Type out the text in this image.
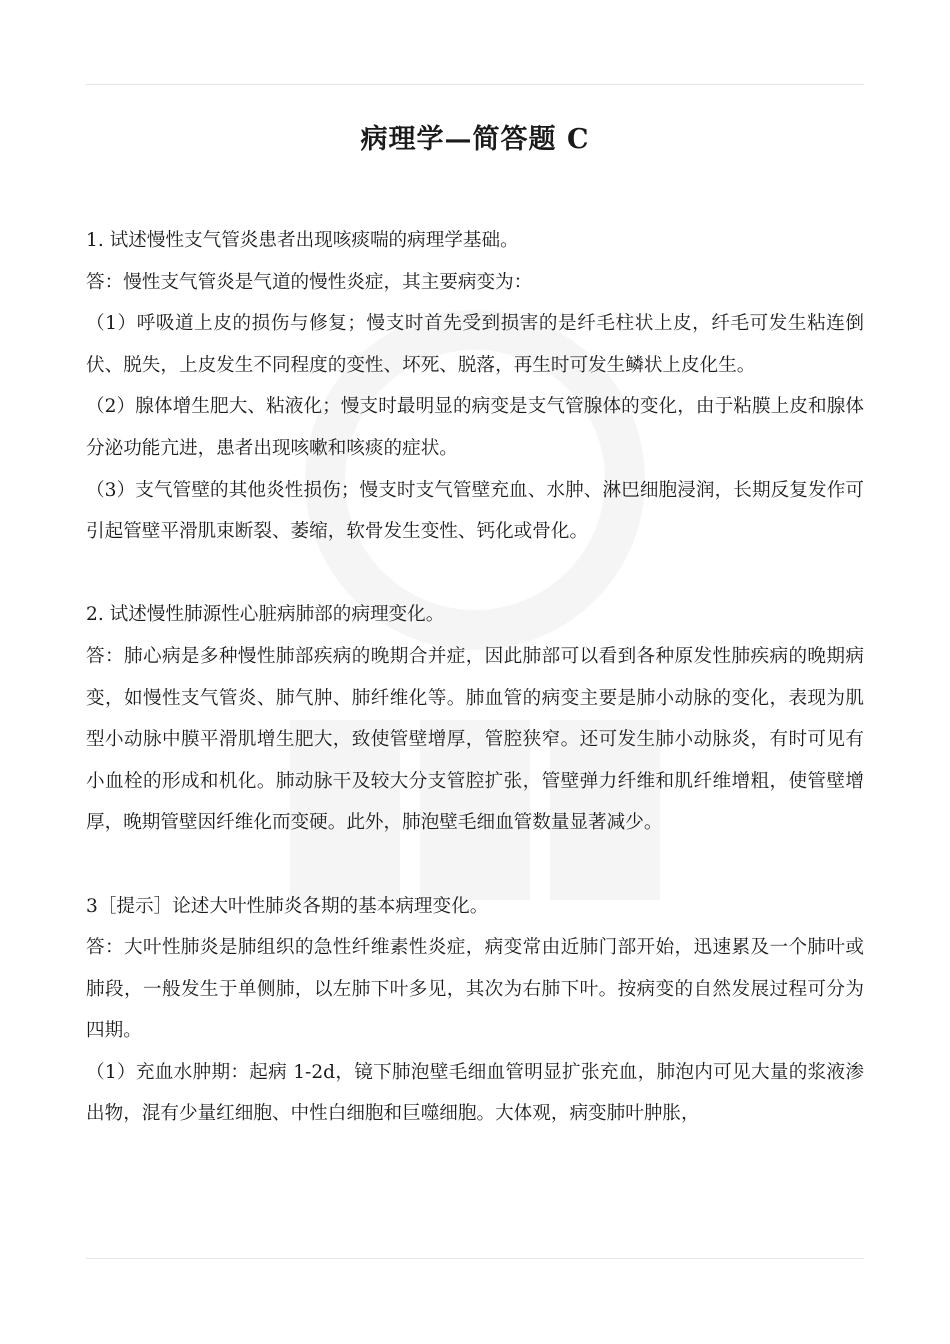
病理学—简答题 C

1. 试述慢性支气管炎患者出现咳痰喘的病理学基础。

答：慢性支气管炎是气道的慢性炎症，其主要病变为：

（1）呼吸道上皮的损伤与修复；慢支时首先受到损害的是纤毛柱状上皮，纤毛可发生粘连倒伏、脱失，上皮发生不同程度的变性、坏死、脱落，再生时可发生鳞状上皮化生。

（2）腺体增生肥大、粘液化；慢支时最明显的病变是支气管腺体的变化，由于粘膜上皮和腺体分泌功能亢进，患者出现咳嗽和咳痰的症状。

（3）支气管壁的其他炎性损伤；慢支时支气管壁充血、水肿、淋巴细胞浸润，长期反复发作可引起管壁平滑肌束断裂、萎缩，软骨发生变性、钙化或骨化。

2. 试述慢性肺源性心脏病肺部的病理变化。

答：肺心病是多种慢性肺部疾病的晚期合并症，因此肺部可以看到各种原发性肺疾病的晚期病变，如慢性支气管炎、肺气肿、肺纤维化等。肺血管的病变主要是肺小动脉的变化，表现为肌型小动脉中膜平滑肌增生肥大，致使管壁增厚，管腔狭窄。还可发生肺小动脉炎，有时可见有小血栓的形成和机化。肺动脉干及较大分支管腔扩张，管壁弹力纤维和肌纤维增粗，使管壁增厚，晚期管壁因纤维化而变硬。此外，肺泡壁毛细血管数量显著减少。

3［提示］论述大叶性肺炎各期的基本病理变化。

答：大叶性肺炎是肺组织的急性纤维素性炎症，病变常由近肺门部开始，迅速累及一个肺叶或肺段，一般发生于单侧肺，以左肺下叶多见，其次为右肺下叶。按病变的自然发展过程可分为四期。

（1）充血水肿期：起病 1-2d，镜下肺泡壁毛细血管明显扩张充血，肺泡内可见大量的浆液渗出物，混有少量红细胞、中性白细胞和巨噬细胞。大体观，病变肺叶肿胀，
